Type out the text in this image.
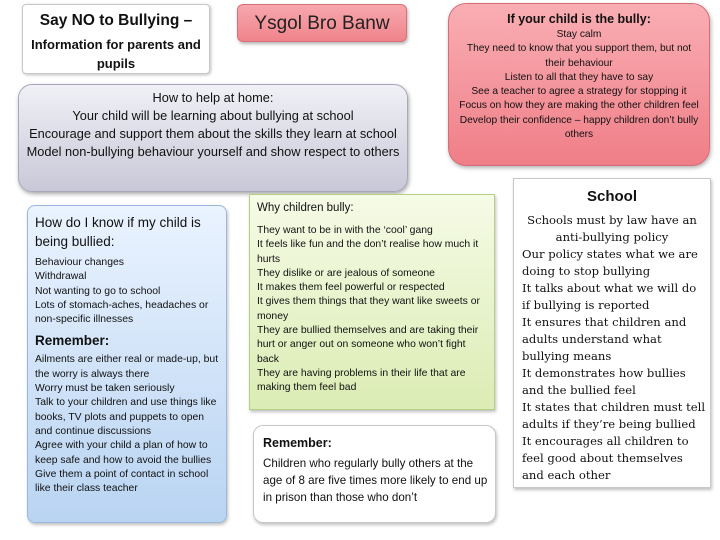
Say NO to Bullying –
Information for parents and pupils
Ysgol Bro Banw	If your child is the bully:
Stay calm
They need to know that you support them, but not their behaviour
Listen to all that they have to say
See a teacher to agree a strategy for stopping it
Focus on how they are making the other children feel
Develop their confidence – happy children don’t bully others
How to help at home:
Your child will be learning about bullying at school
Encourage and support them about the skills they learn at school
Model non-bullying behaviour yourself and show respect to others
Why children bully:
They want to be in with the ‘cool’ gang
It feels like fun and the don’t realise how much it hurts
They dislike or are jealous of someone
It makes them feel powerful or respected
It gives them things that they want like sweets or money
They are bullied themselves and are taking their hurt or anger out on someone who won’t fight back
They are having problems in their life that are making them feel bad
How do I know if my child is being bullied:
Behaviour changes
Withdrawal
Not wanting to go to school
Lots of stomach-aches, headaches or non-specific illnesses
Remember:
Ailments are either real or made-up, but the worry is always there
Worry must be taken seriously
Talk to your children and use things like books, TV plots and puppets to open and continue discussions
Agree with your child a plan of how to keep safe and how to avoid the bullies
Give them a point of contact in school like their class teacher
Remember:
Children who regularly bully others at the age of 8 are five times more likely to end up in prison than those who don’t
School
Schools must by law have an anti-bullying policy
Our policy states what we are doing to stop bullying
It talks about what we will do if bullying is reported
It ensures that children and adults understand what bullying means
It demonstrates how bullies and the bullied feel
It states that children must tell adults if they’re being bullied
It encourages all children to feel good about themselves and each other
